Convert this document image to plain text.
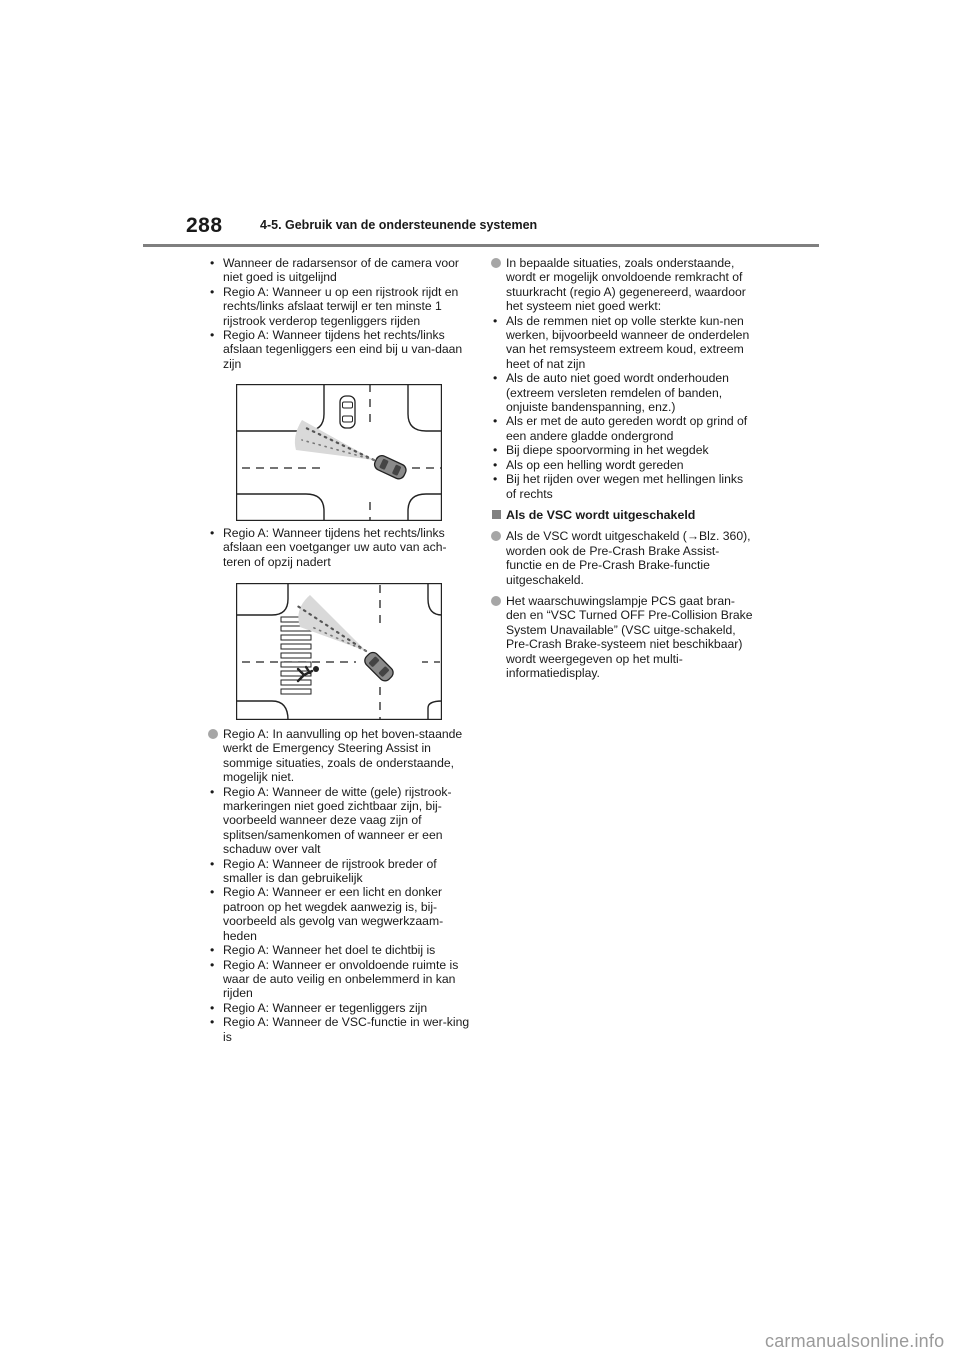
288	4-5. Gebruik van de ondersteunende systemen
• Wanneer de radarsensor of de camera voor niet goed is uitgelijnd
• Regio A: Wanneer u op een rijstrook rijdt en rechts/links afslaat terwijl er ten minste 1 rijstrook verderop tegenliggers rijden
• Regio A: Wanneer tijdens het rechts/links afslaan tegenliggers een eind bij u van-daan zijn
• Regio A: Wanneer tijdens het rechts/links afslaan een voetganger uw auto van ach-teren of opzij nadert
Regio A: In aanvulling op het boven-staande werkt de Emergency Steering Assist in sommige situaties, zoals de onderstaande, mogelijk niet.
• Regio A: Wanneer de witte (gele) rijstrook-markeringen niet goed zichtbaar zijn, bij-voorbeeld wanneer deze vaag zijn of splitsen/samenkomen of wanneer er een schaduw over valt
• Regio A: Wanneer de rijstrook breder of smaller is dan gebruikelijk
• Regio A: Wanneer er een licht en donker patroon op het wegdek aanwezig is, bij-voorbeeld als gevolg van wegwerkzaam-heden
• Regio A: Wanneer het doel te dichtbij is
• Regio A: Wanneer er onvoldoende ruimte is waar de auto veilig en onbelemmerd in kan rijden
• Regio A: Wanneer er tegenliggers zijn
• Regio A: Wanneer de VSC-functie in wer-king is
In bepaalde situaties, zoals onderstaande, wordt er mogelijk onvoldoende remkracht of stuurkracht (regio A) gegenereerd, waardoor het systeem niet goed werkt:
• Als de remmen niet op volle sterkte kun-nen werken, bijvoorbeeld wanneer de onderdelen van het remsysteem extreem koud, extreem heet of nat zijn
• Als de auto niet goed wordt onderhouden (extreem versleten remdelen of banden, onjuiste bandenspanning, enz.)
• Als er met de auto gereden wordt op grind of een andere gladde ondergrond
• Bij diepe spoorvorming in het wegdek
• Als op een helling wordt gereden
• Bij het rijden over wegen met hellingen links of rechts
Als de VSC wordt uitgeschakeld
Als de VSC wordt uitgeschakeld (→Blz. 360), worden ook de Pre-Crash Brake Assist-functie en de Pre-Crash Brake-functie uitgeschakeld.
Het waarschuwingslampje PCS gaat bran-den en “VSC Turned OFF Pre-Collision Brake System Unavailable” (VSC uitge-schakeld, Pre-Crash Brake-systeem niet beschikbaar) wordt weergegeven op het multi-informatiedisplay.
carmanualsonline.info
